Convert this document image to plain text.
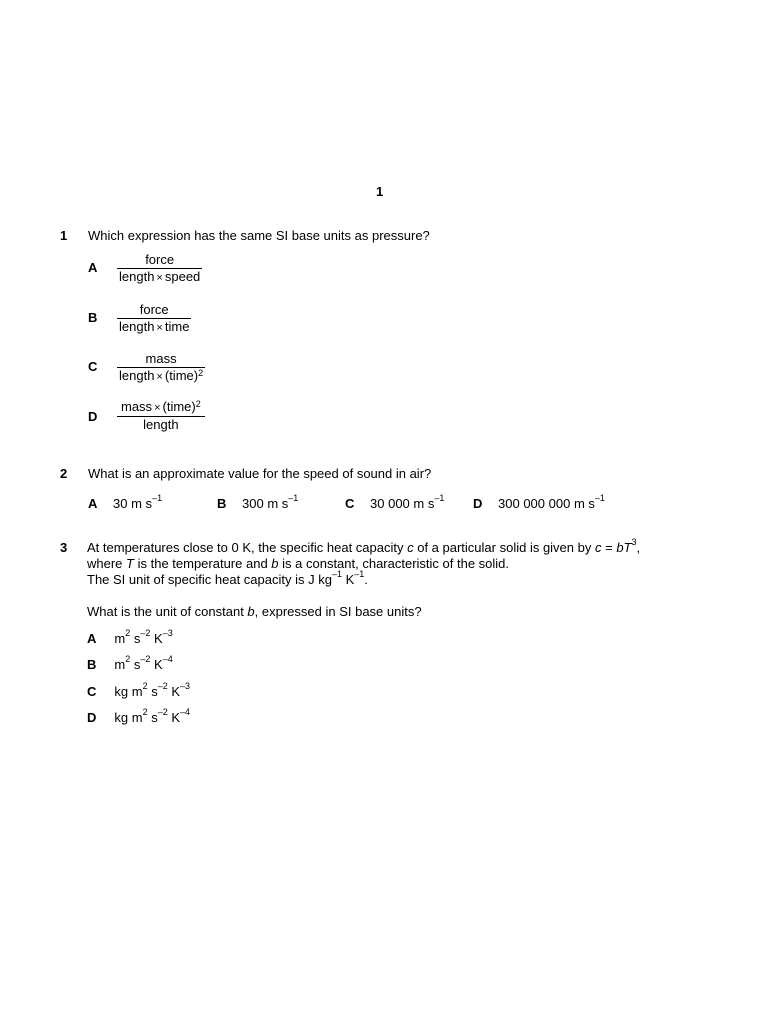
1
1 Which expression has the same SI base units as pressure?
A
force
length × speed
B
force
length × time
C
mass
length × (time)$^2$
D
mass × (time)$^2$
length
2 What is an approximate value for the speed of sound in air?
A 30 m $s^{-1}$	B 300 m $s^{-1}$	C 30 000 m $s^{-1}$ D 300 000 000 m $s^{-1}$
3 At temperatures close to 0 K, the specific heat capacity c of a particular solid is given by $c = bT^3$,
where T is the temperature and b is a constant, characteristic of the solid.
The SI unit of specific heat capacity is J $kg^{-1}$ $K^{-1}$.
What is the unit of constant b, expressed in SI base units?
A $m^2$ $s^{-2}$ $K^{-3}$
B $m^2$ $s^{-2}$ $K^{-4}$
C kg $m^2$ $s^{-2}$ $K^{-3}$
D kg $m^2$ $s^{-2}$ $K^{-4}$
